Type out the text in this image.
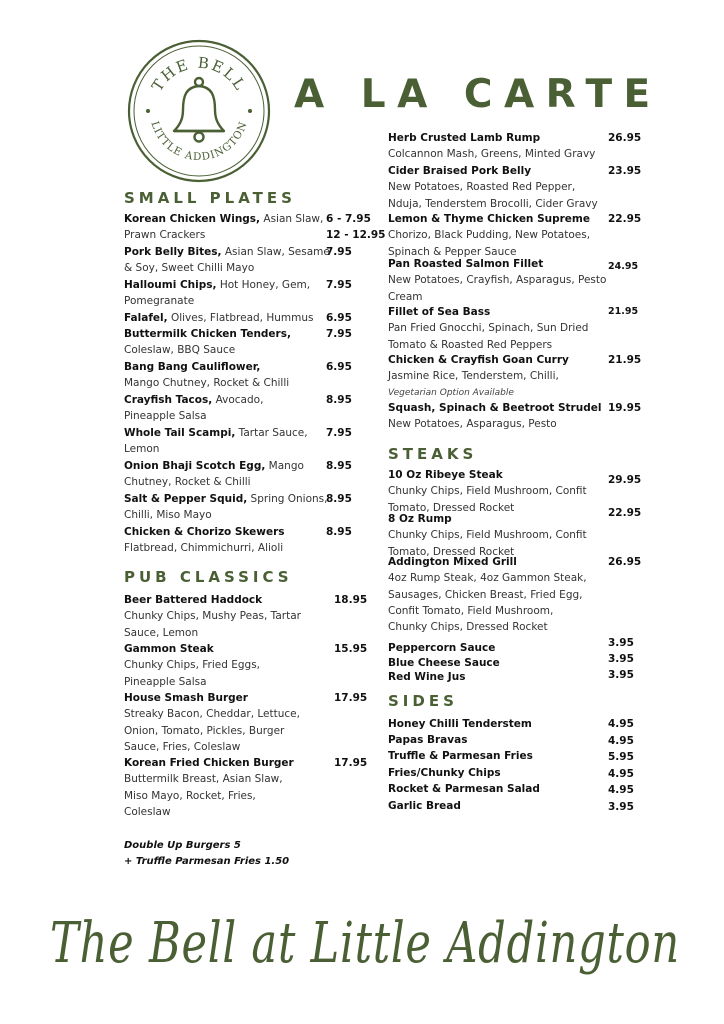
THE BELL
LITTLE ADDINGTON
A LA CARTE
SMALL PLATES
Korean Chicken Wings, Asian Slaw,
Prawn Crackers
6 - 7.95
12 - 12.95
Pork Belly Bites, Asian Slaw, Sesame
& Soy, Sweet Chilli Mayo
7.95
Halloumi Chips, Hot Honey, Gem,
Pomegranate
7.95
Falafel, Olives, Flatbread, Hummus	6.95
Buttermilk Chicken Tenders,
Coleslaw, BBQ Sauce
7.95
Bang Bang Cauliflower,
Mango Chutney, Rocket & Chilli
6.95
Crayfish Tacos, Avocado,
Pineapple Salsa
8.95
Whole Tail Scampi, Tartar Sauce,
Lemon
7.95
Onion Bhaji Scotch Egg, Mango
Chutney, Rocket & Chilli
8.95
Salt & Pepper Squid, Spring Onions,
Chilli, Miso Mayo
8.95
Chicken & Chorizo Skewers
Flatbread, Chimmichurri, Alioli
8.95
PUB CLASSICS
Beer Battered Haddock
Chunky Chips, Mushy Peas, Tartar
Sauce, Lemon
18.95
Gammon Steak
Chunky Chips, Fried Eggs,
Pineapple Salsa
15.95
House Smash Burger
Streaky Bacon, Cheddar, Lettuce,
Onion, Tomato, Pickles, Burger
Sauce, Fries, Coleslaw
17.95
Korean Fried Chicken Burger
Buttermilk Breast, Asian Slaw,
Miso Mayo, Rocket, Fries,
Coleslaw
17.95
Double Up Burgers 5
+ Truffle Parmesan Fries 1.50
Herb Crusted Lamb Rump
Colcannon Mash, Greens, Minted Gravy
26.95
Cider Braised Pork Belly
New Potatoes, Roasted Red Pepper,
Nduja, Tenderstem Brocolli, Cider Gravy
23.95
Lemon & Thyme Chicken Supreme
Chorizo, Black Pudding, New Potatoes,
Spinach & Pepper Sauce
22.95
Pan Roasted Salmon Fillet
New Potatoes, Crayfish, Asparagus, Pesto
Cream
24.95
Fillet of Sea Bass
Pan Fried Gnocchi, Spinach, Sun Dried
Tomato & Roasted Red Peppers
21.95
Chicken & Crayfish Goan Curry
Jasmine Rice, Tenderstem, Chilli,
Vegetarian Option Available
21.95
Squash, Spinach & Beetroot Strudel
New Potatoes, Asparagus, Pesto
19.95
STEAKS
10 Oz Ribeye Steak
Chunky Chips, Field Mushroom, Confit
Tomato, Dressed Rocket
29.95
8 Oz Rump
Chunky Chips, Field Mushroom, Confit
Tomato, Dressed Rocket
22.95
Addington Mixed Grill
4oz Rump Steak, 4oz Gammon Steak,
Sausages, Chicken Breast, Fried Egg,
Confit Tomato, Field Mushroom,
Chunky Chips, Dressed Rocket
26.95
Peppercorn Sauce	3.95
Blue Cheese Sauce	3.95
Red Wine Jus	3.95
SIDES
Honey Chilli Tenderstem	4.95
Papas Bravas	4.95
Truffle & Parmesan Fries	5.95
Fries/Chunky Chips	4.95
Rocket & Parmesan Salad	4.95
Garlic Bread	3.95
The Bell at Little Addington
